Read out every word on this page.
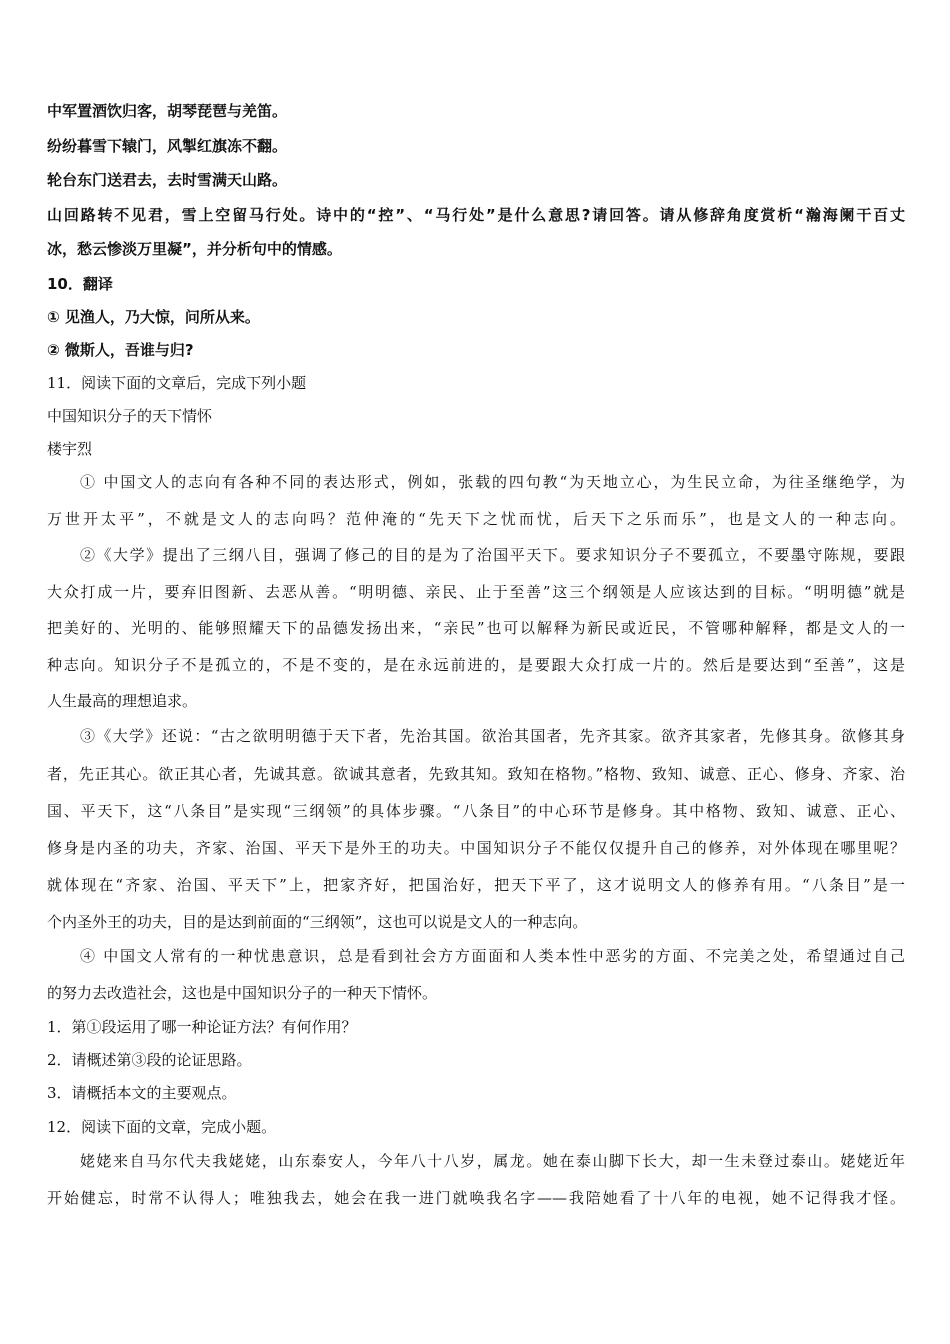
中军置酒饮归客，胡琴琵琶与羌笛。
纷纷暮雪下辕门，风掣红旗冻不翻。
轮台东门送君去，去时雪满天山路。
山回路转不见君，雪上空留马行处。诗中的“控”、“马行处”是什么意思?请回答。请从修辞角度赏析“瀚海阑干百丈
冰，愁云惨淡万里凝”，并分析句中的情感。
10．翻译
① 见渔人，乃大惊，问所从来。
② 微斯人，吾谁与归?
11．阅读下面的文章后，完成下列小题
中国知识分子的天下情怀
楼宇烈
① 中国文人的志向有各种不同的表达形式，例如，张载的四句教“为天地立心，为生民立命，为往圣继绝学，为
万世开太平”，不就是文人的志向吗？范仲淹的“先天下之忧而忧，后天下之乐而乐”，也是文人的一种志向。
②《大学》提出了三纲八目，强调了修己的目的是为了治国平天下。要求知识分子不要孤立，不要墨守陈规，要跟
大众打成一片，要弃旧图新、去恶从善。“明明德、亲民、止于至善”这三个纲领是人应该达到的目标。“明明德”就是
把美好的、光明的、能够照耀天下的品德发扬出来，“亲民”也可以解释为新民或近民，不管哪种解释，都是文人的一
种志向。知识分子不是孤立的，不是不变的，是在永远前进的，是要跟大众打成一片的。然后是要达到“至善”，这是
人生最高的理想追求。
③《大学》还说：“古之欲明明德于天下者，先治其国。欲治其国者，先齐其家。欲齐其家者，先修其身。欲修其身
者，先正其心。欲正其心者，先诚其意。欲诚其意者，先致其知。致知在格物。”格物、致知、诚意、正心、修身、齐家、治
国、平天下，这“八条目”是实现“三纲领”的具体步骤。“八条目”的中心环节是修身。其中格物、致知、诚意、正心、
修身是内圣的功夫，齐家、治国、平天下是外王的功夫。中国知识分子不能仅仅提升自己的修养，对外体现在哪里呢？
就体现在“齐家、治国、平天下”上，把家齐好，把国治好，把天下平了，这才说明文人的修养有用。“八条目”是一
个内圣外王的功夫，目的是达到前面的“三纲领”，这也可以说是文人的一种志向。
④ 中国文人常有的一种忧患意识，总是看到社会方方面面和人类本性中恶劣的方面、不完美之处，希望通过自己
的努力去改造社会，这也是中国知识分子的一种天下情怀。
1．第①段运用了哪一种论证方法？有何作用？
2．请概述第③段的论证思路。
3．请概括本文的主要观点。
12．阅读下面的文章，完成小题。
姥姥来自马尔代夫我姥姥，山东泰安人，今年八十八岁，属龙。她在泰山脚下长大，却一生未登过泰山。姥姥近年
开始健忘，时常不认得人；唯独我去，她会在我一进门就唤我名字——我陪她看了十八年的电视，她不记得我才怪。
